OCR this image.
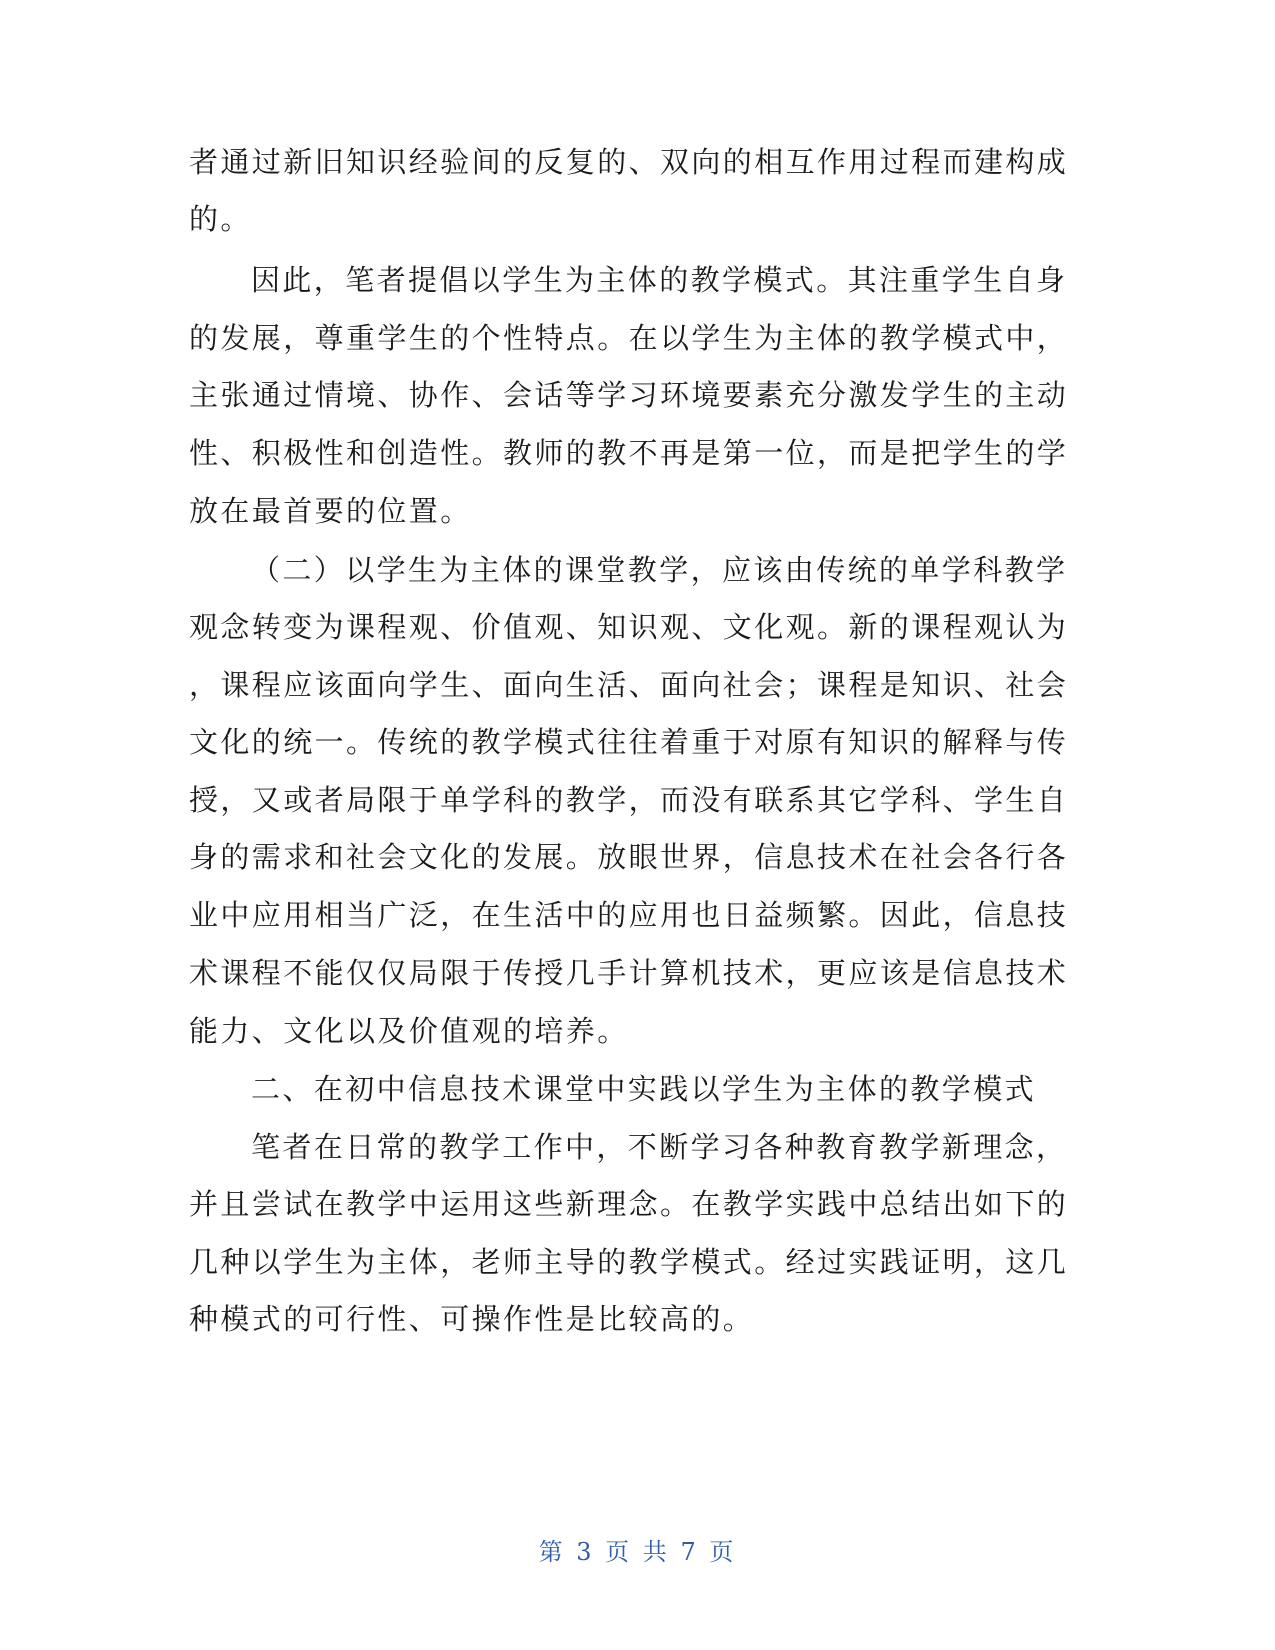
者通过新旧知识经验间的反复的、双向的相互作用过程而建构成
的。
因此，笔者提倡以学生为主体的教学模式。其注重学生自身
的发展，尊重学生的个性特点。在以学生为主体的教学模式中，
主张通过情境、协作、会话等学习环境要素充分激发学生的主动
性、积极性和创造性。教师的教不再是第一位，而是把学生的学
放在最首要的位置。
（二）以学生为主体的课堂教学，应该由传统的单学科教学
观念转变为课程观、价值观、知识观、文化观。新的课程观认为
，课程应该面向学生、面向生活、面向社会；课程是知识、社会
文化的统一。传统的教学模式往往着重于对原有知识的解释与传
授，又或者局限于单学科的教学，而没有联系其它学科、学生自
身的需求和社会文化的发展。放眼世界，信息技术在社会各行各
业中应用相当广泛，在生活中的应用也日益频繁。因此，信息技
术课程不能仅仅局限于传授几手计算机技术，更应该是信息技术
能力、文化以及价值观的培养。
二、在初中信息技术课堂中实践以学生为主体的教学模式
笔者在日常的教学工作中，不断学习各种教育教学新理念，
并且尝试在教学中运用这些新理念。在教学实践中总结出如下的
几种以学生为主体，老师主导的教学模式。经过实践证明，这几
种模式的可行性、可操作性是比较高的。
第 3 页 共 7 页
